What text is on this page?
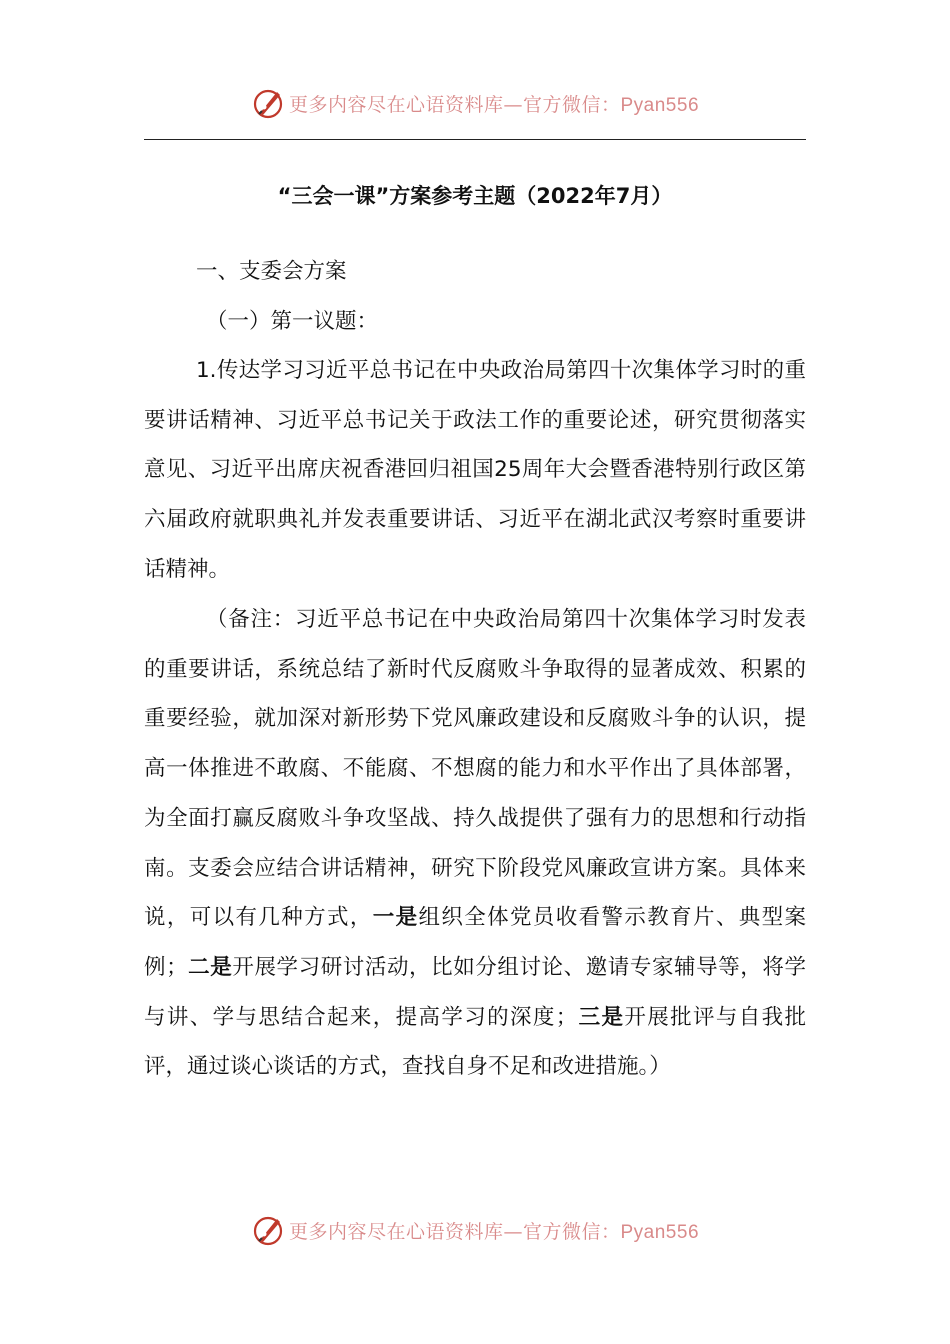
更多内容尽在心语资料库—官方微信：Pyan556
“三会一课”方案参考主题（2022年7月）

一、支委会方案

（一）第一议题：

1.传达学习习近平总书记在中央政治局第四十次集体学习时的重要讲话精神、习近平总书记关于政法工作的重要论述，研究贯彻落实意见、习近平出席庆祝香港回归祖国25周年大会暨香港特别行政区第六届政府就职典礼并发表重要讲话、习近平在湖北武汉考察时重要讲话精神。

（备注：习近平总书记在中央政治局第四十次集体学习时发表的重要讲话，系统总结了新时代反腐败斗争取得的显著成效、积累的重要经验，就加深对新形势下党风廉政建设和反腐败斗争的认识，提高一体推进不敢腐、不能腐、不想腐的能力和水平作出了具体部署，为全面打赢反腐败斗争攻坚战、持久战提供了强有力的思想和行动指南。支委会应结合讲话精神，研究下阶段党风廉政宣讲方案。具体来说，可以有几种方式，一是组织全体党员收看警示教育片、典型案例；二是开展学习研讨活动，比如分组讨论、邀请专家辅导等，将学与讲、学与思结合起来，提高学习的深度；三是开展批评与自我批评，通过谈心谈话的方式，查找自身不足和改进措施。）

更多内容尽在心语资料库—官方微信：Pyan556
